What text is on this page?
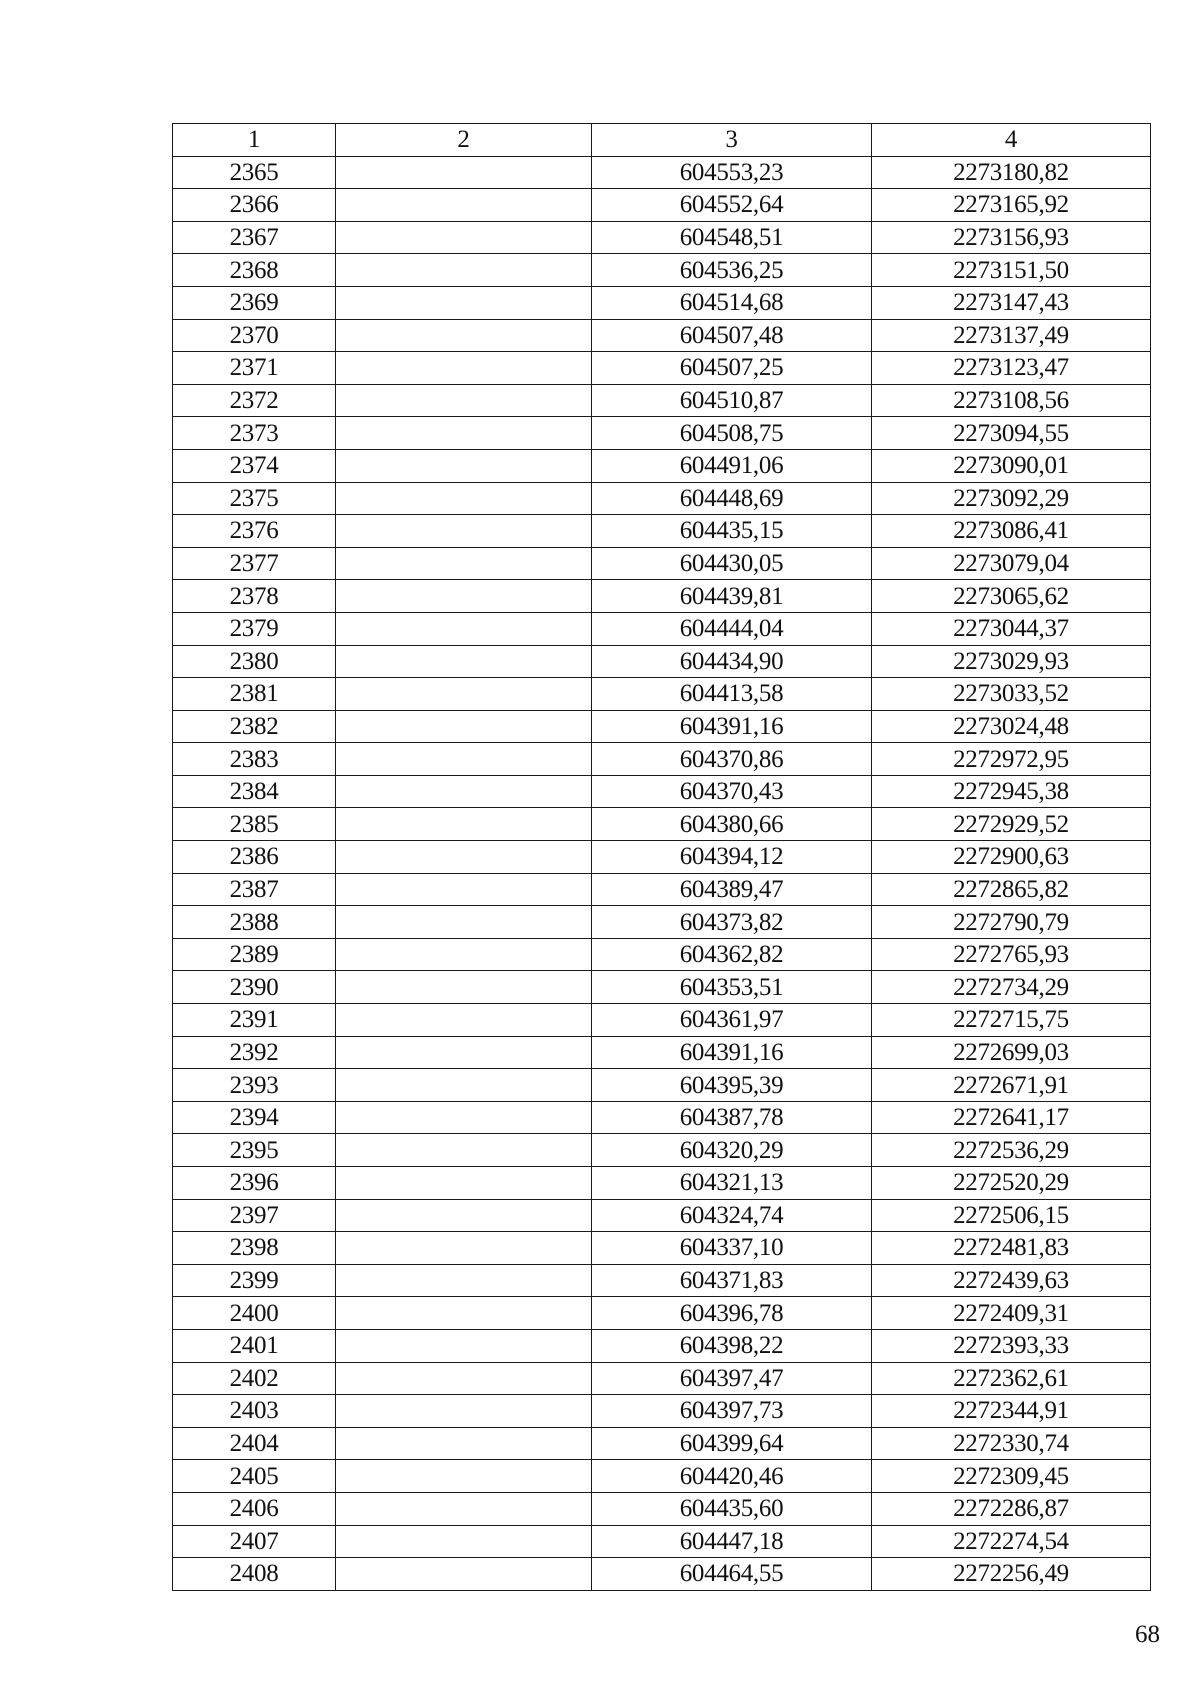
1	2	3	4
2365		604553,23	2273180,82
2366		604552,64	2273165,92
2367		604548,51	2273156,93
2368		604536,25	2273151,50
2369		604514,68	2273147,43
2370		604507,48	2273137,49
2371		604507,25	2273123,47
2372		604510,87	2273108,56
2373		604508,75	2273094,55
2374		604491,06	2273090,01
2375		604448,69	2273092,29
2376		604435,15	2273086,41
2377		604430,05	2273079,04
2378		604439,81	2273065,62
2379		604444,04	2273044,37
2380		604434,90	2273029,93
2381		604413,58	2273033,52
2382		604391,16	2273024,48
2383		604370,86	2272972,95
2384		604370,43	2272945,38
2385		604380,66	2272929,52
2386		604394,12	2272900,63
2387		604389,47	2272865,82
2388		604373,82	2272790,79
2389		604362,82	2272765,93
2390		604353,51	2272734,29
2391		604361,97	2272715,75
2392		604391,16	2272699,03
2393		604395,39	2272671,91
2394		604387,78	2272641,17
2395		604320,29	2272536,29
2396		604321,13	2272520,29
2397		604324,74	2272506,15
2398		604337,10	2272481,83
2399		604371,83	2272439,63
2400		604396,78	2272409,31
2401		604398,22	2272393,33
2402		604397,47	2272362,61
2403		604397,73	2272344,91
2404		604399,64	2272330,74
2405		604420,46	2272309,45
2406		604435,60	2272286,87
2407		604447,18	2272274,54
2408		604464,55	2272256,49
68
